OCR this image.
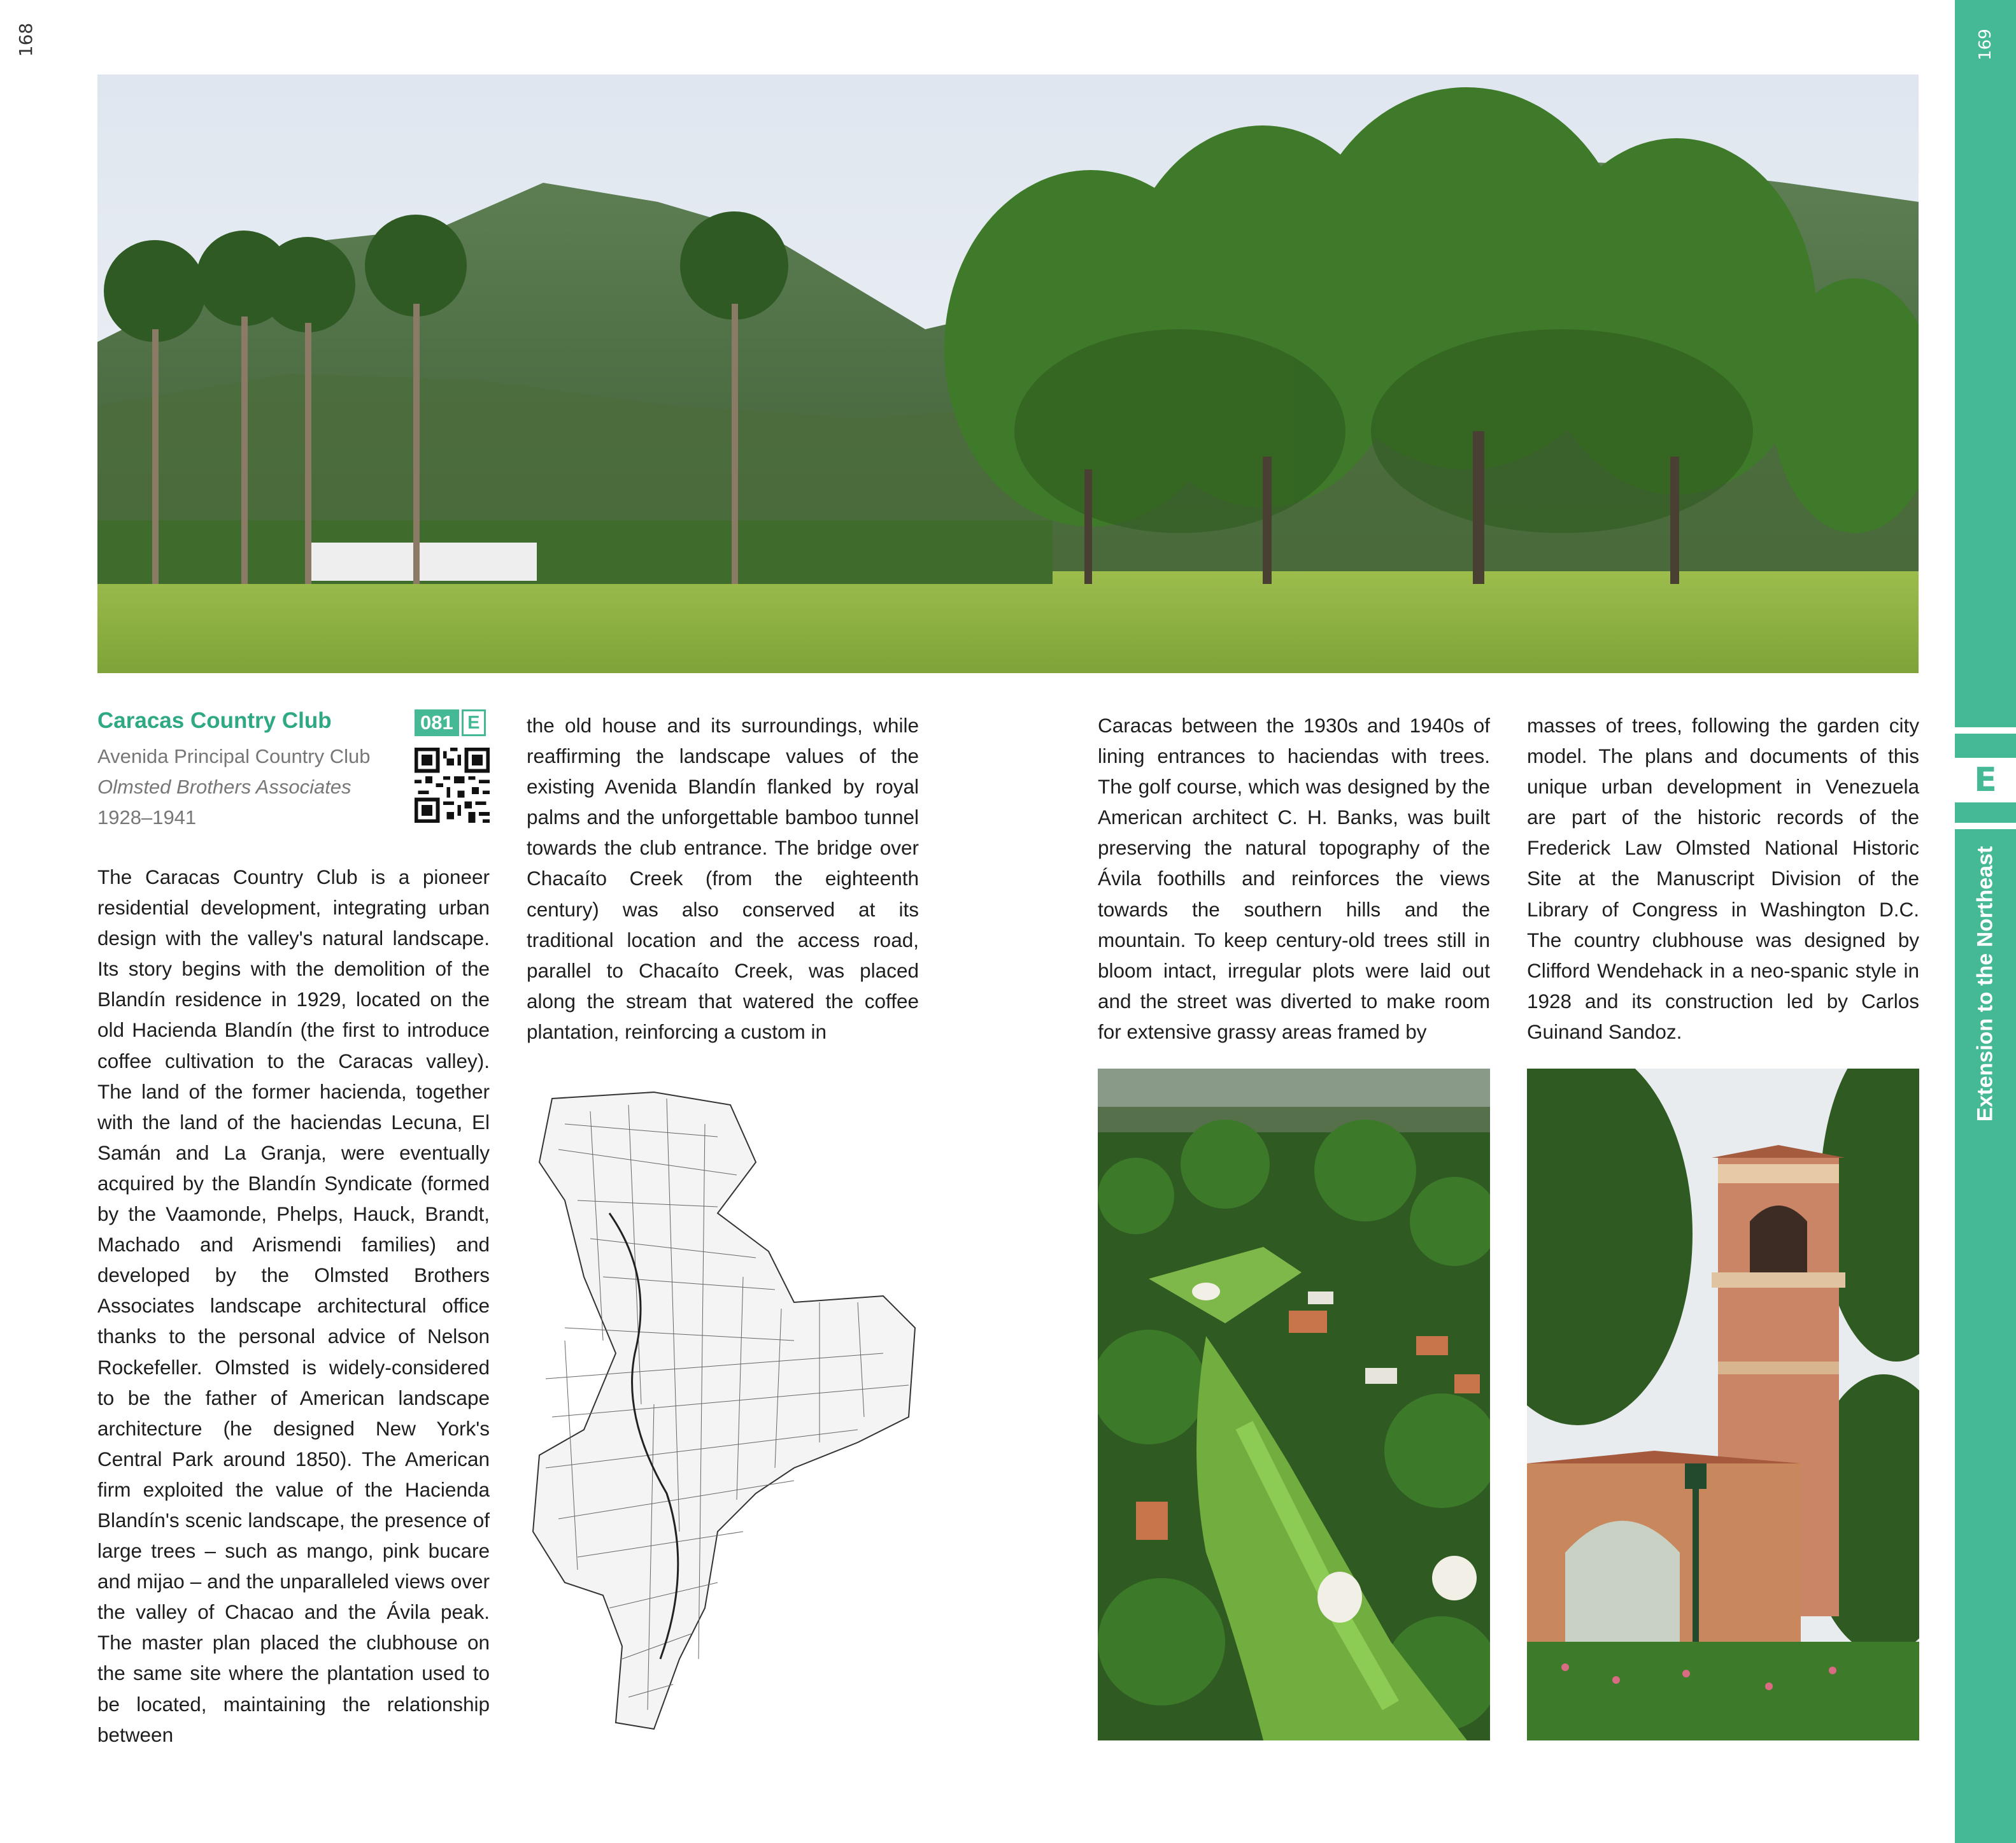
168	169
E
Extension to the Northeast
Caracas Country Club	081 E
Avenida Principal Country Club
Olmsted Brothers Associates
1928–1941

The Caracas Country Club is a pioneer residential development, integrating urban design with the valley's natural landscape. Its story begins with the demolition of the Blandín residence in 1929, located on the old Hacienda Blandín (the first to introduce coffee cultivation to the Caracas valley). The land of the former hacienda, together with the land of the haciendas Lecuna, El Samán and La Granja, were eventually acquired by the Blandín Syndicate (formed by the Vaamonde, Phelps, Hauck, Brandt, Machado and Arismendi families) and developed by the Olmsted Brothers Associates landscape architectural office thanks to the personal advice of Nelson Rockefeller. Olmsted is widely-considered to be the father of American landscape architecture (he designed New York's Central Park around 1850). The American firm exploited the value of the Hacienda Blandín's scenic landscape, the presence of large trees – such as mango, pink bucare and mijao – and the unparalleled views over the valley of Chacao and the Ávila peak. The master plan placed the clubhouse on the same site where the plantation used to be located, maintaining the relationship between

the old house and its surroundings, while reaffirming the landscape values of the existing Avenida Blandín flanked by royal palms and the unforgettable bamboo tunnel towards the club entrance. The bridge over Chacaíto Creek (from the eighteenth century) was also conserved at its traditional location and the access road, parallel to Chacaíto Creek, was placed along the stream that watered the coffee plantation, reinforcing a custom in

Caracas between the 1930s and 1940s of lining entrances to haciendas with trees. The golf course, which was designed by the American architect C. H. Banks, was built preserving the natural topography of the Ávila foothills and reinforces the views towards the southern hills and the mountain. To keep century-old trees still in bloom intact, irregular plots were laid out and the street was diverted to make room for extensive grassy areas framed by

masses of trees, following the garden city model. The plans and documents of this unique urban development in Venezuela are part of the historic records of the Frederick Law Olmsted National Historic Site at the Manuscript Division of the Library of Congress in Washington D.C. The country clubhouse was designed by Clifford Wendehack in a neo-spanic style in 1928 and its construction led by Carlos Guinand Sandoz.
